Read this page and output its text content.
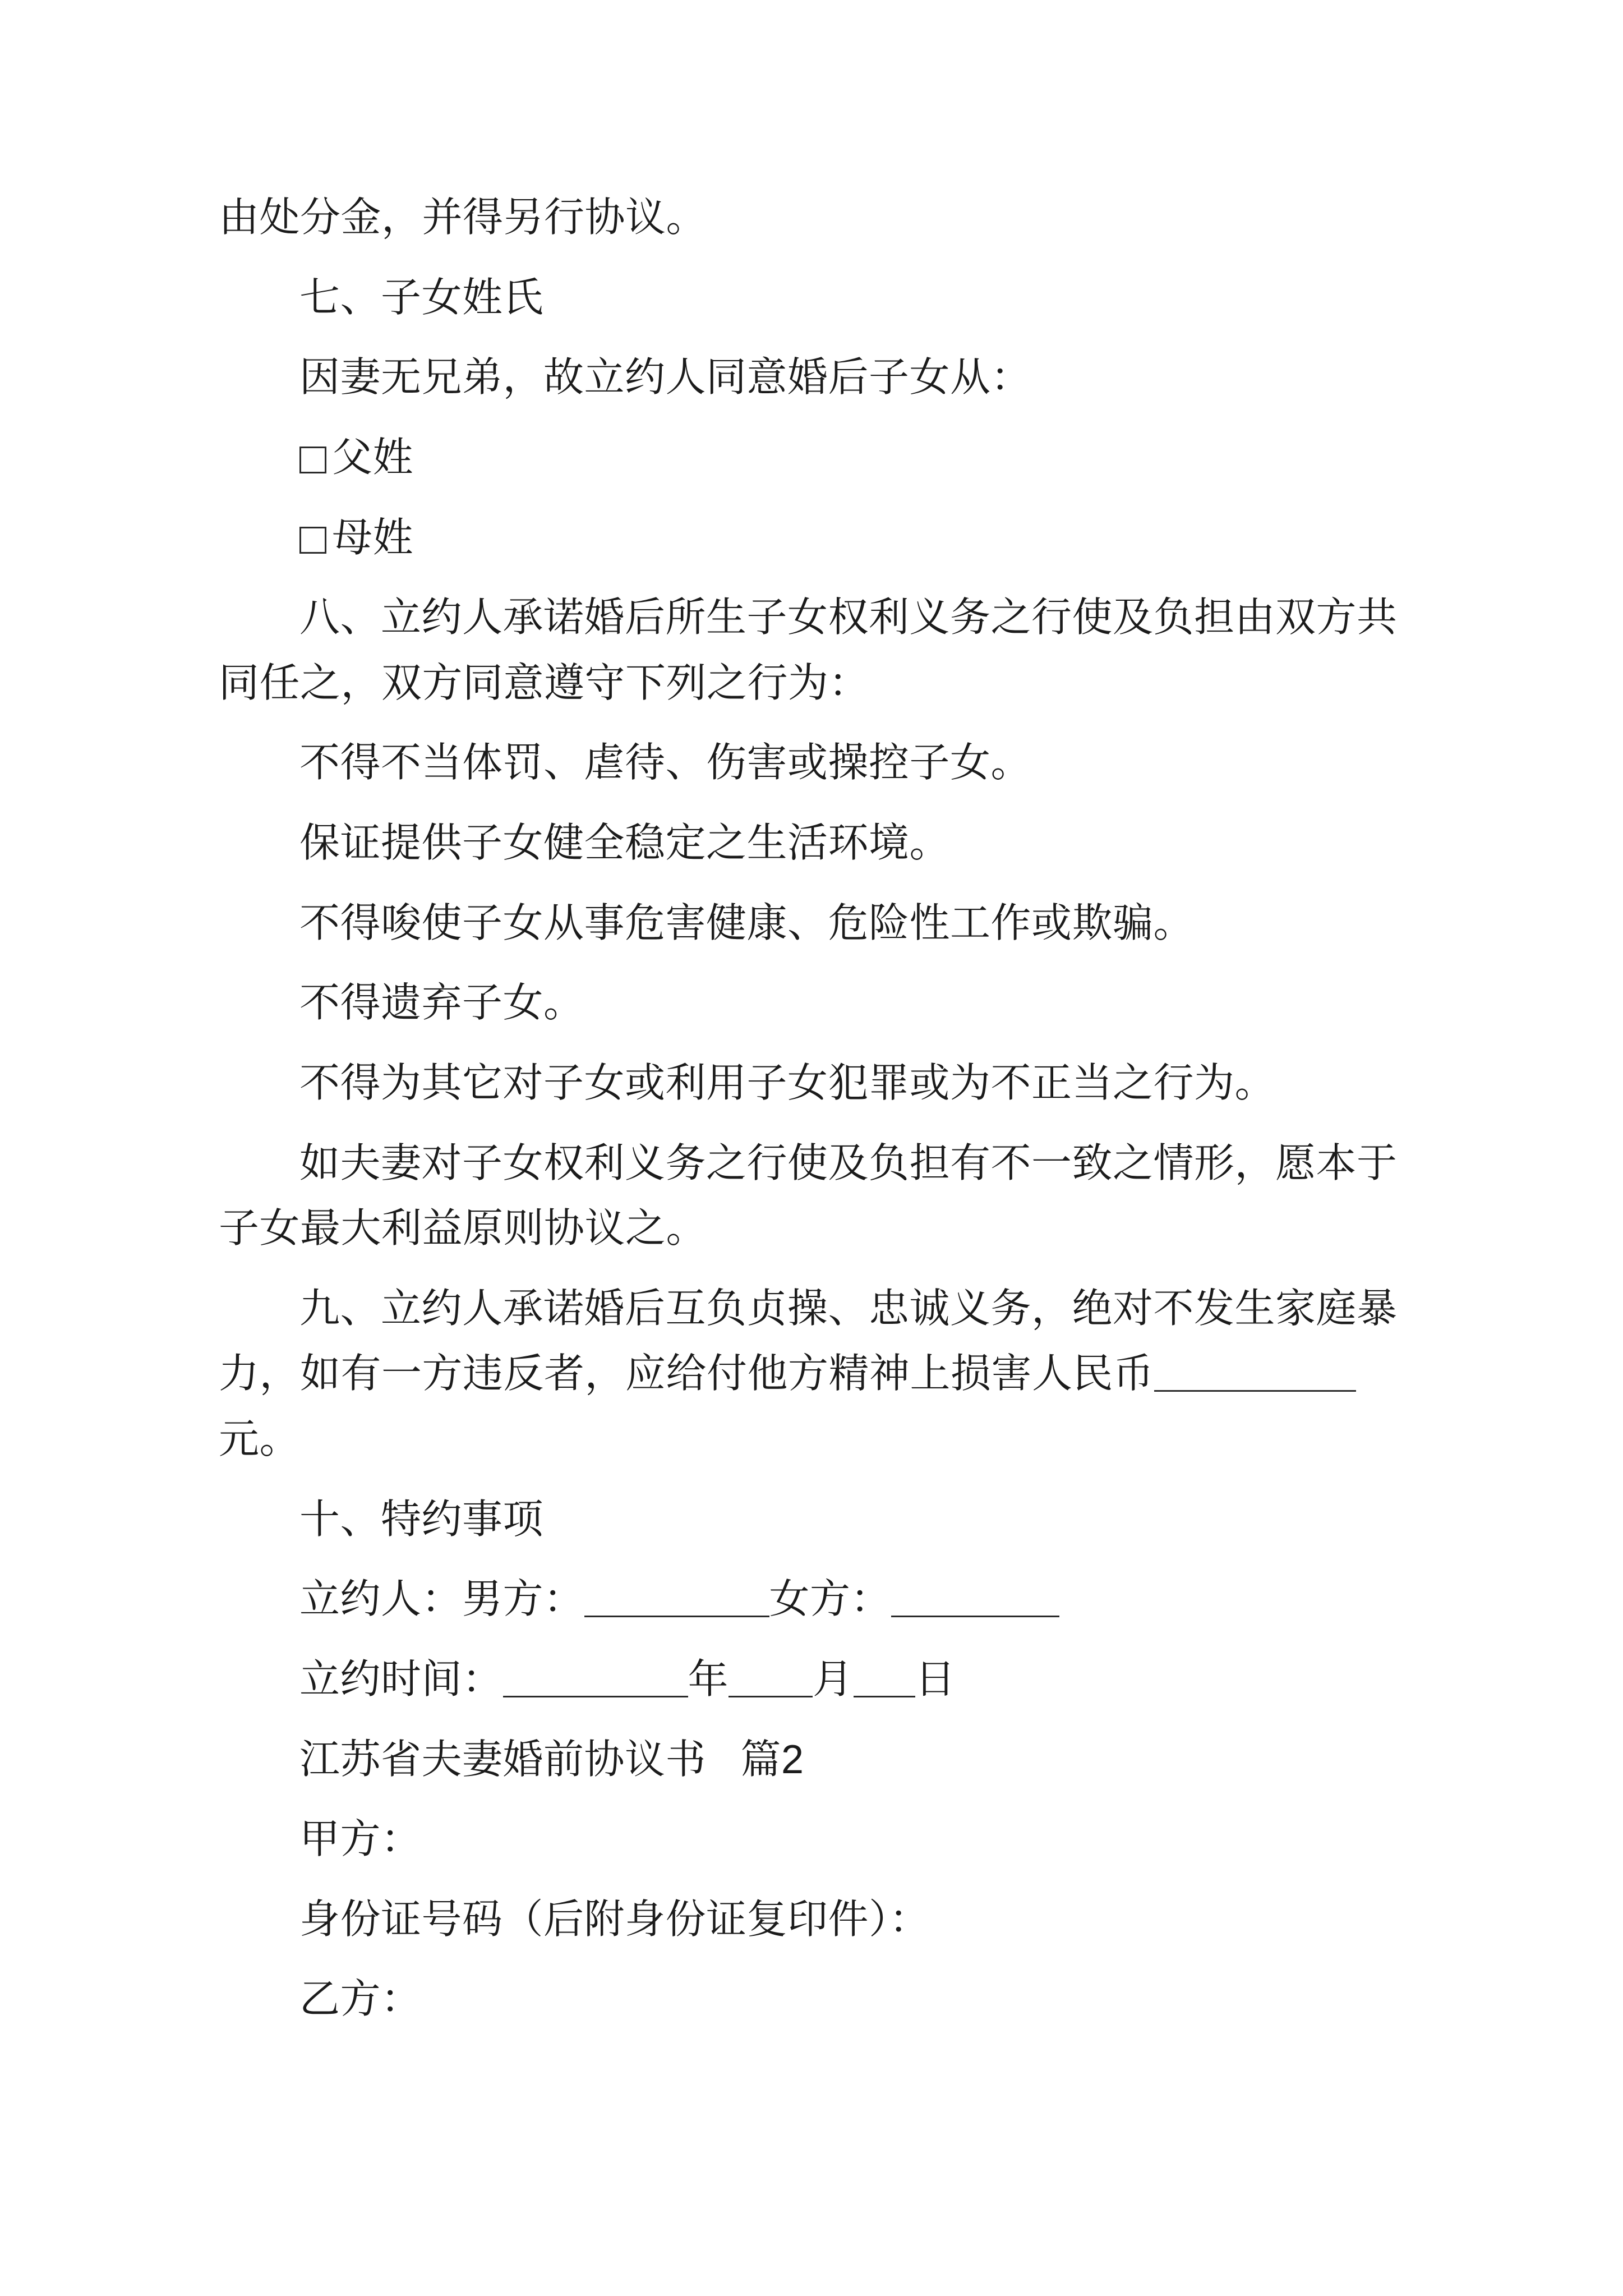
由处分金，并得另行协议。

七、子女姓氏

因妻无兄弟，故立约人同意婚后子女从：

父姓
母姓

八、立约人承诺婚后所生子女权利义务之行使及负担由双方共同任之，双方同意遵守下列之行为：

不得不当体罚、虐待、伤害或操控子女。

保证提供子女健全稳定之生活环境。

不得唆使子女从事危害健康、危险性工作或欺骗。

不得遗弃子女。

不得为其它对子女或利用子女犯罪或为不正当之行为。

如夫妻对子女权利义务之行使及负担有不一致之情形，愿本于子女最大利益原则协议之。

九、立约人承诺婚后互负贞操、忠诚义务，绝对不发生家庭暴力，如有一方违反者，应给付他方精神上损害人民币元。

十、特约事项

立约人：男方：	女方：

立约时间：	年 月 日

江苏省夫妻婚前协议书   篇2

甲方：

身份证号码（后附身份证复印件）：

乙方：
